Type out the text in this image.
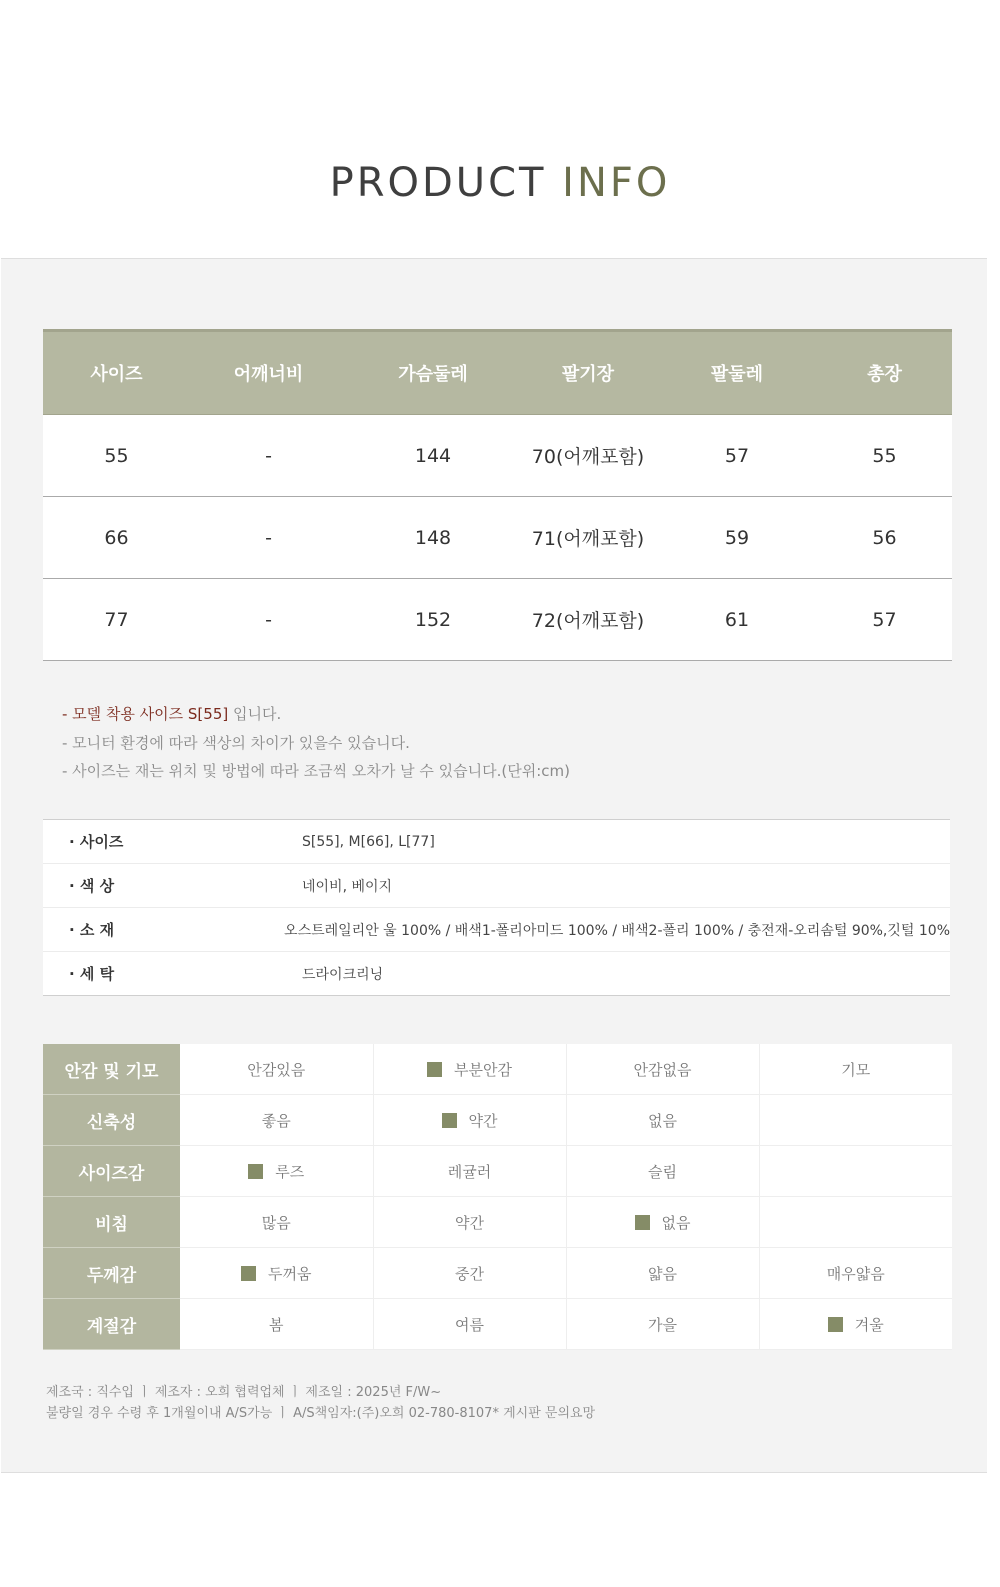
PRODUCT INFO
사이즈	어깨너비	가슴둘레	팔기장	팔둘레	총장
55	-	144	70(어깨포함)	57	55
66	-	148	71(어깨포함)	59	56
77	-	152	72(어깨포함)	61	57
- 모델 착용 사이즈 S[55] 입니다.
- 모니터 환경에 따라 색상의 차이가 있을수 있습니다.
- 사이즈는 재는 위치 및 방법에 따라 조금씩 오차가 날 수 있습니다.(단위:cm)
· 사이즈	S[55], M[66], L[77]
· 색 상	네이비, 베이지
· 소 재	오스트레일리안 울 100% / 배색1-폴리아미드 100% / 배색2-폴리 100% / 충전재-오리솜털 90%,깃털 10%
· 세 탁	드라이크리닝
안감 및 기모	안감있음	부분안감	안감없음	기모
신축성	좋음	약간	없음	
사이즈감	루즈	레귤러	슬림	
비침	많음	약간	없음	
두께감	두꺼움	중간	얇음	매우얇음
계절감	봄	여름	가을	겨울
제조국 : 직수입 ㅣ 제조자 : 오희 협력업체 ㅣ 제조일 : 2025년 F/W~
불량일 경우 수령 후 1개월이내 A/S가능 ㅣ A/S책임자:(주)오희 02-780-8107* 게시판 문의요망
